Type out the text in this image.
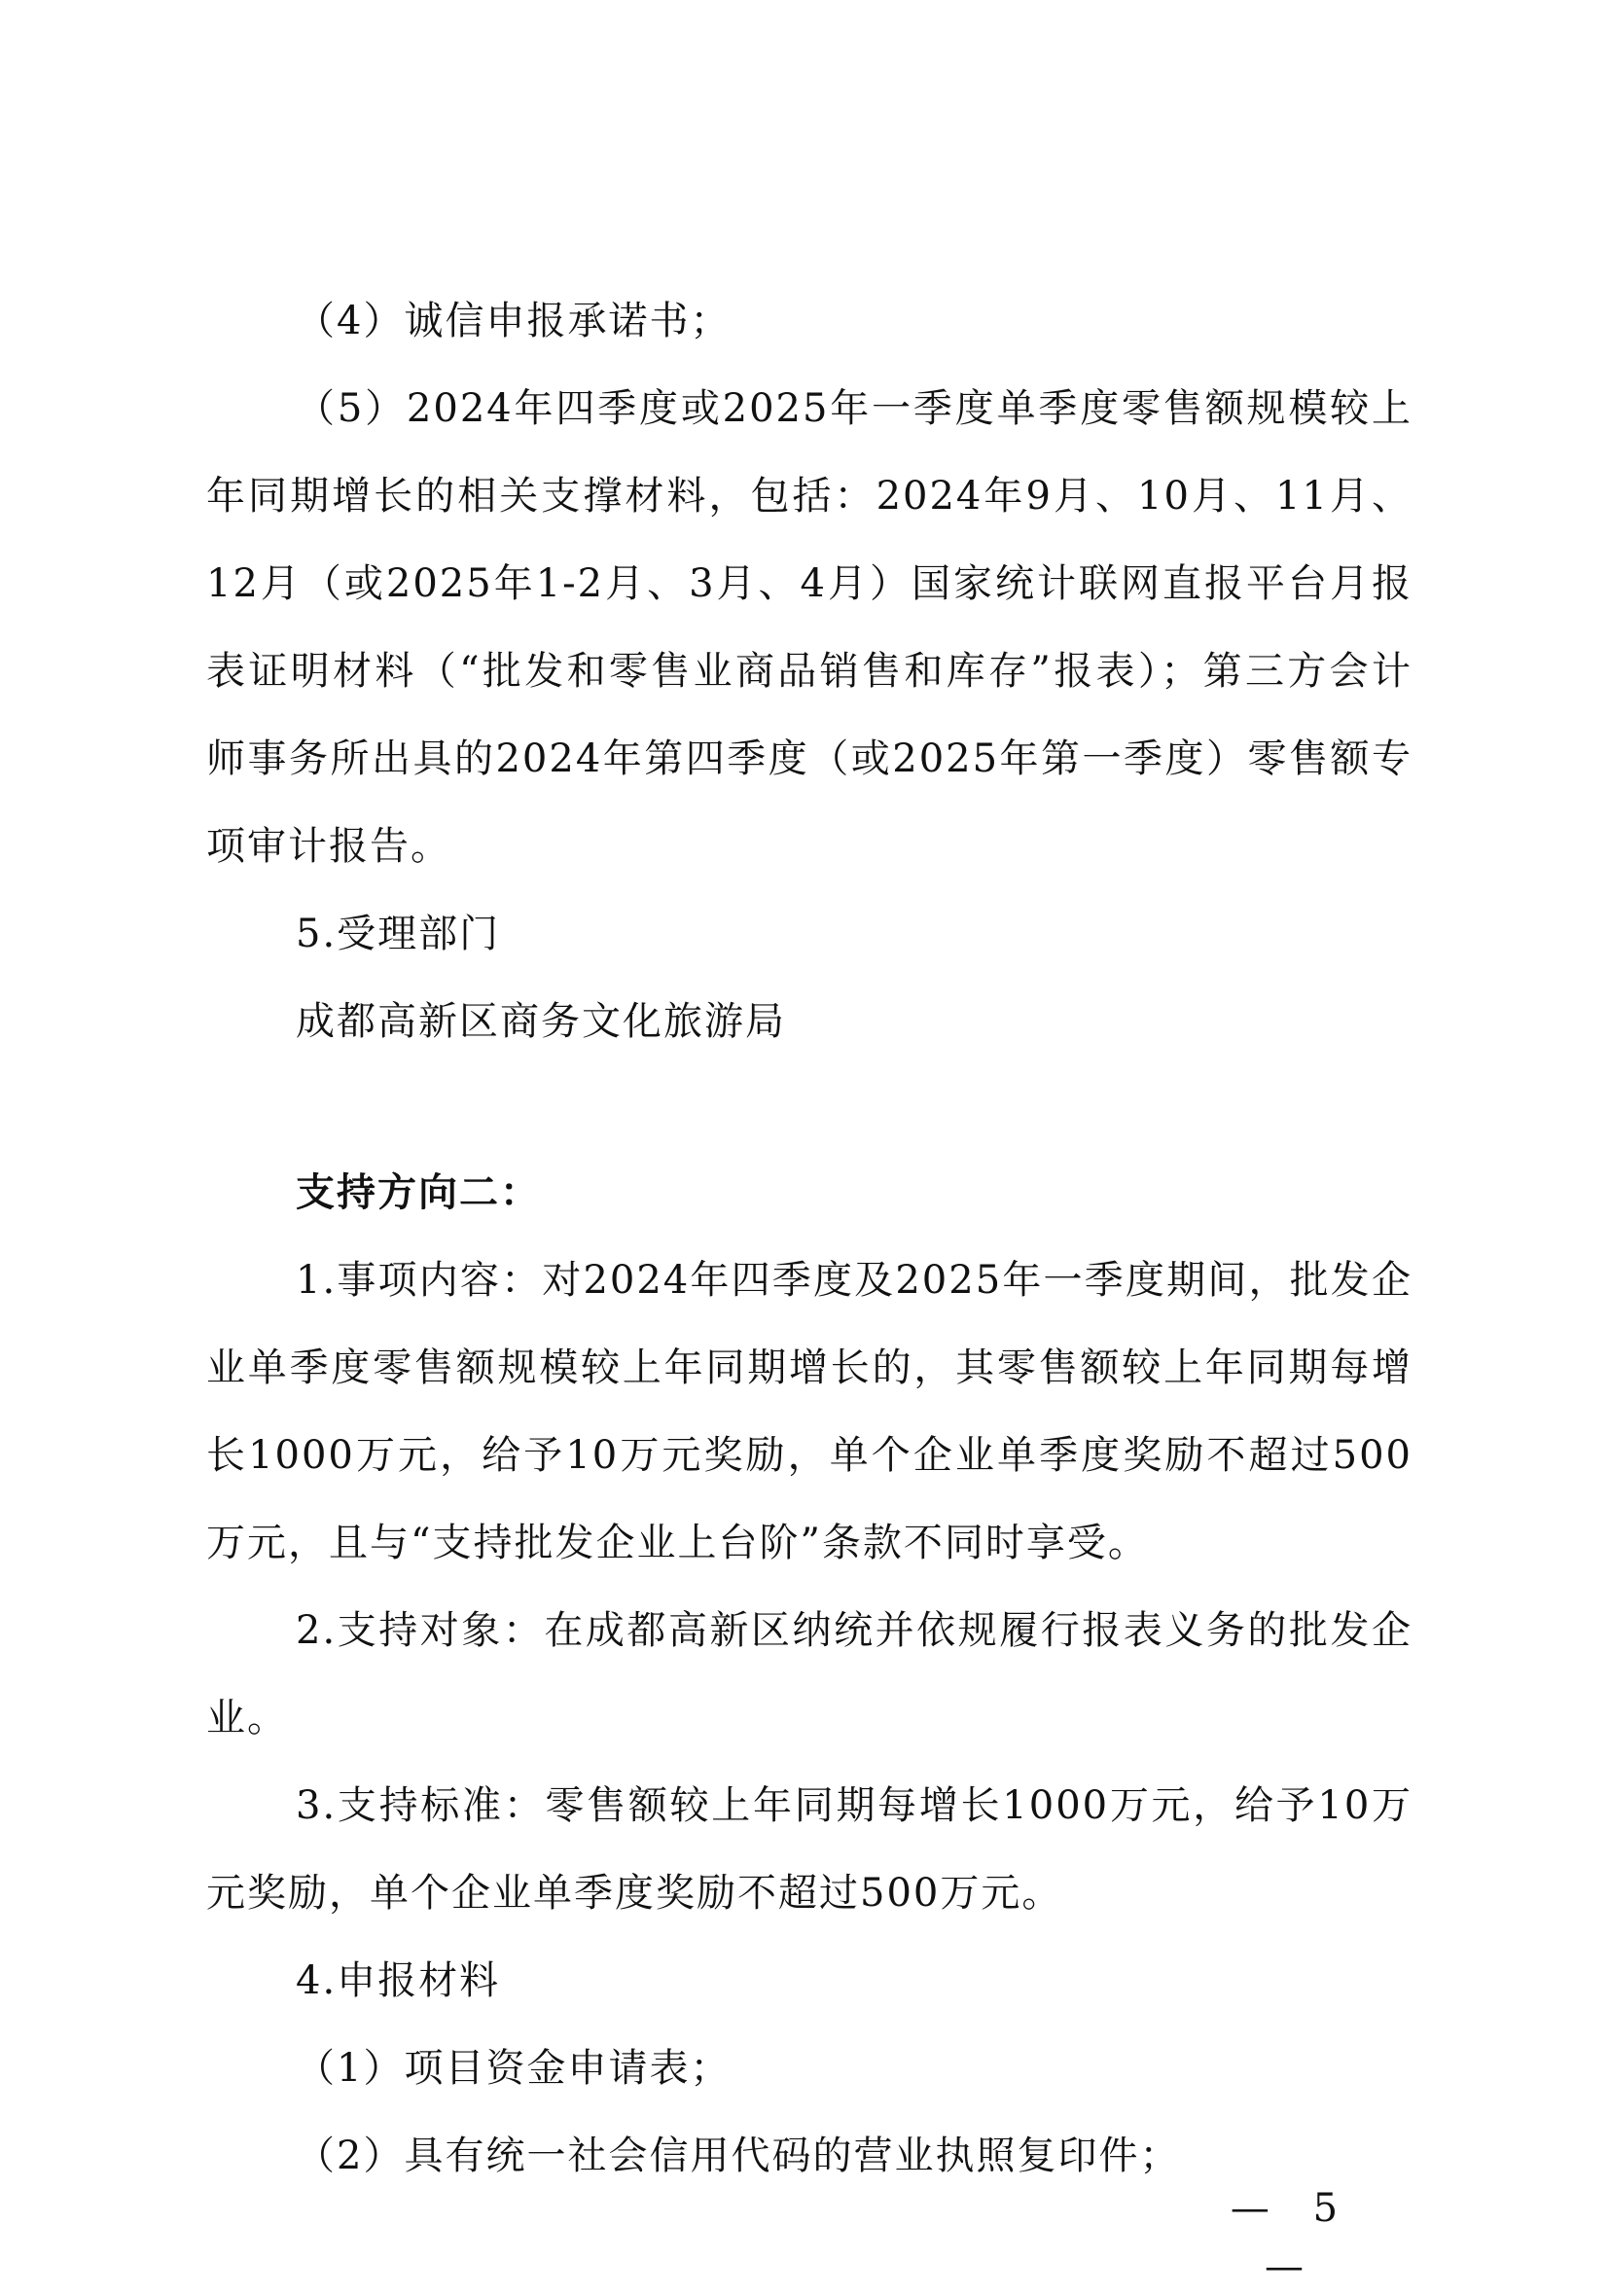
（4）诚信申报承诺书；

（5）2024年四季度或2025年一季度单季度零售额规模较上年同期增长的相关支撑材料，包括：2024年9月、10月、11月、12月（或2025年1-2月、3月、4月）国家统计联网直报平台月报表证明材料（“批发和零售业商品销售和库存”报表）；第三方会计师事务所出具的2024年第四季度（或2025年第一季度）零售额专项审计报告。

5.受理部门

成都高新区商务文化旅游局

支持方向二：

1.事项内容：对2024年四季度及2025年一季度期间，批发企业单季度零售额规模较上年同期增长的，其零售额较上年同期每增长1000万元，给予10万元奖励，单个企业单季度奖励不超过500万元，且与“支持批发企业上台阶”条款不同时享受。

2.支持对象：在成都高新区纳统并依规履行报表义务的批发企业。

3.支持标准：零售额较上年同期每增长1000万元，给予10万元奖励，单个企业单季度奖励不超过500万元。

4.申报材料

（1）项目资金申请表；

（2）具有统一社会信用代码的营业执照复印件；

— 5 —
